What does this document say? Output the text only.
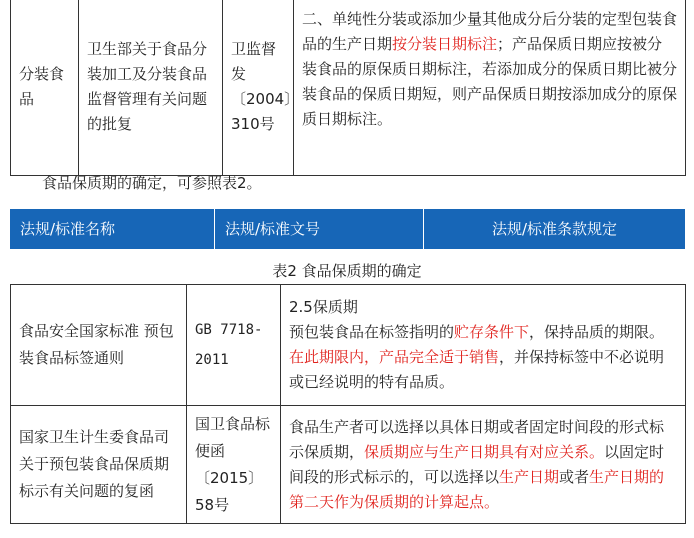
分装食品	卫生部关于食品分装加工及分装食品监督管理有关问题的批复	卫监督发〔2004〕310号	二、单纯性分装或添加少量其他成分后分装的定型包装食品的生产日期按分装日期标注；产品保质日期应按被分装食品的原保质日期标注，若添加成分的保质日期比被分装食品的保质日期短，则产品保质日期按添加成分的原保质日期标注。

食品保质期的确定，可参照表2。

法规/标准名称	法规/标准文号	法规/标准条款规定

表2 食品保质期的确定

食品安全国家标准 预包装食品标签通则	GB 7718-2011	2.5保质期
预包装食品在标签指明的贮存条件下，保持品质的期限。在此期限内，产品完全适于销售，并保持标签中不必说明或已经说明的特有品质。

国家卫生计生委食品司关于预包装食品保质期标示有关问题的复函	国卫食品标便函〔2015〕58号	食品生产者可以选择以具体日期或者固定时间段的形式标示保质期，保质期应与生产日期具有对应关系。以固定时间段的形式标示的，可以选择以生产日期或者生产日期的第二天作为保质期的计算起点。
